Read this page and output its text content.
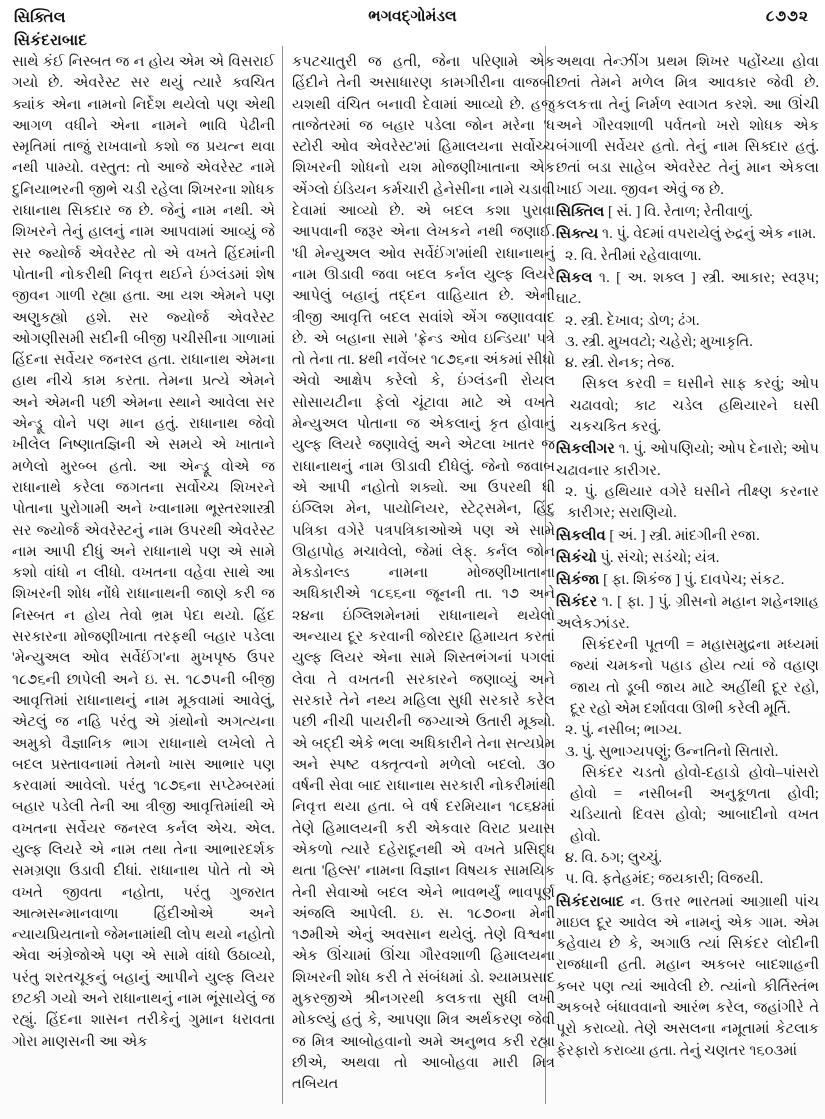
સિક્તિલ
સિકંદરાબાદ
ભગવદ્ગોમંડલ	૮૭૭૨

સાથે કંઈ નિસ્બત જ ન હોય એમ એ વિસરાઈ ગયો છે. એવરેસ્ટ સર થયું ત્યારે ક્વચિત ક્યાંક એના નામનો નિર્દેશ થયેલો પણ એથી આગળ વધીને એના નામને ભાવિ પેઢીની સ્મૃતિમાં તાજું રાખવાનો કશો જ પ્રયત્ન થવા નથી પામ્યો. વસ્તુત: તો આજે એવરેસ્ટ નામે દુનિયાભરની જીભે ચડી રહેલા શિખરના શોધક રાધાનાથ સિક્દાર જ છે. જેનું નામ નથી. એ શિખરને તેનું હાલનું નામ આપવામાં આવ્યું જે સર જ્યોર્જ એવરેસ્ટ તો એ વખતે હિંદમાંની પોતાની નોકરીથી નિવૃત્ત થઈને ઇંગ્લંડમાં શેષ જીવન ગાળી રહ્યા હતા. આ યશ એમને પણ અણુકહ્યો હશે. સર જ્યોર્જ એવરેસ્ટ ઓગણીસમી સદીની બીજી પચીસીના ગાળામાં હિંદના સર્વેયર જનરલ હતા. રાધાનાથ એમના હાથ નીચે કામ કરતા. તેમના પ્રત્યે એમને અને એમની પછી એમના સ્થાને આવેલા સર એન્ડ્રૂ વોને પણ માન હતું. રાધાનાથ જેવો ખીલેલ નિષ્ણાતજ્ઞિની એ સમયે એ ખાતાને મળેલો મુરબ્બ હતો. આ એન્ડ્રૂ વોએ જ રાધાનાથે કરેલા જગતના સર્વોચ્ચ શિખરને પોતાના પુરોગામી અને ખ્વાનામા ભૂસ્તરશાસ્ત્રી સર જ્યોર્જ એવરેસ્ટનું નામ ઉપરથી એવરેસ્ટ નામ આપી દીધું અને રાધાનાથે પણ એ સામે કશો વાંધો ન લીધો. વખતના વહેવા સાથે આ શિખરની શોધ નોંધે રાધાનાથની જાણે કરી જ નિસ્બત ન હોય તેવો ભ્રમ પેદા થયો. હિંદ સરકારના મોજણીખાતા તરફથી બહાર પડેલા 'મેન્યુઅલ ઓવ સર્વેઈંગ'ના મુખપૃષ્ઠ ઉપર ૧૮૭૬ની છાપેલી અને ઇ. સ. ૧૮૭૫ની બીજી આવૃત્તિમાં રાધાનાથનું નામ મૂકવામાં આવેલું, એટલું જ નહિ પરંતુ એ ગ્રંથોનો અગત્યના અમુકો વૈજ્ઞાનિક ભાગ રાધાનાથે લખેલો તે બદલ પ્રસ્તાવનામાં તેમનો ખાસ આભાર પણ કરવામાં આવેલો. પરંતુ ૧૮૭૬ના સપ્ટેમ્બરમાં બહાર પડેલી તેની આ ત્રીજી આવૃત્તિમાંથી એ વખતના સર્વેયર જનરલ કર્નલ એચ. એલ. યુલ્ફ લિયરે એ નામ તથા તેના આભારદર્શક સમગ્રણા ઉડાવી દીધાં. રાધાનાથ પોતે તો એ વખતે જીવતા નહોતા, પરંતુ ગુજરાત આત્મસન્માનવાળા હિંદીઓએ અને ન્યાયપ્રિયતાનો જેમનામાંથી લોપ થયો નહોતો એવા અંગ્રેજોએ પણ એ સામે વાંધો ઉઠાવ્યો, પરંતુ શરતચૂકનું બહાનું આપીને યુલ્ફ લિયર છટકી ગયો અને રાધાનાથનું નામ ભૂંસાયેલું જ રહ્યું. હિંદના શાસન તરીકેનું ગુમાન ધરાવતા ગોરા માણસની આ એક

કપટચાતુરી જ હતી, જેના પરિણામે એક હિંદીને તેની અસાધારણ કામગીરીના વાજબી યશથી વંચિત બનાવી દેવામાં આવ્યો છે. હજુ તાજેતરમાં જ બહાર પડેલા જોન મરેના 'ધ સ્ટોરી ઓવ એવરેસ્ટ'માં હિમાલયના સર્વોચ્ચ શિખરની શોધનો યશ મોજણીખાતાના એક એંગ્લો ઇંડિયન કર્મચારી હેનેસીના નામે ચડાવી દેવામાં આવ્યો છે. એ બદલ કશા પુરાવા આપવાની જરૂર એના લેખકને નથી જણાઈ. 'ધી મેન્યુઅલ ઓવ સર્વેઈંગ'માંથી રાધાનાથનું નામ ઊડાવી જવા બદલ કર્નલ યુલ્ફ લિયરે આપેલું બહાનું તદ્દન વાહિયાત છે. એની ત્રીજી આવૃત્તિ બદલ સવાંશે એંગ જણાવવાદ છે. એ બહાના સામે 'ફ્રેન્ડ ઓવ ઇન્ડિયા' પત્રે તો તેના તા. ૪થી નવેંબર ૧૮૭૬ના અંકમાં સીધો એવો આક્ષેપ કરેલો કે, ઇંગ્લંડની રોયલ સોસાયટીના ફેલો ચૂંટાવા માટે એ વખતે મેન્યુઅલ પોતાના જ એકલાનું કૃત હોવાનું યુલ્ફ લિયરે જણાવેલું અને એટલા ખાતર જ રાધાનાથનું નામ ઊડાવી દીધેલું. જેનો જવાબ એ આપી નહોતો શક્યો. આ ઉપરથી ધી ઇંગ્લિશ મેન, પાયોનિયર, સ્ટેટ્સમેન, હિંદુ પત્રિકા વગેરે પત્રપત્રિકાઓએ પણ એ સામે ઊહાપોહ મચાવેલો, જેમાં લેફ્. કર્નલ જોન મેક્ડોનલ્ડ નામના મોજણીખાતાના અધિકારીએ ૧૮૬૬ના જૂનની તા. ૧૭ અને ૨૪ના ઇંગ્લિશમેનમાં રાધાનાથને થયેલો અન્યાય દૂર કરવાની જોરદાર હિમાયત કરતાં યુલ્ફ લિયર એના સામે શિસ્તભંગનાં પગલાં લેવા તે વખતની સરકારને જણાવ્યું અને સરકારે તેને નથ્ય મહિલા સુધી સરકારે કરેલ પછી નીચી પાયરીની જગ્યાએ ઉતારી મૂક્યો. એ બદ્દી એકે ભલા અધિકારીને તેના સત્યપ્રેમ અને સ્પષ્ટ વક્તૃત્વનો મળેલો બદલો. ૩૦ વર્ષની સેવા બાદ રાધાનાથ સરકારી નોકરીમાંથી નિવૃત્ત થયા હતા. બે વર્ષ દરમિયાન ૧૮૬૪માં તેણે હિમાલયની કરી એકવાર વિરાટ પ્રયાસ એકળો ત્યારે દહેરાદૂનથી એ વખતે પ્રસિદ્ધ થતા 'હિલ્સ' નામના વિજ્ઞાન વિષયક સામયિક તેની સેવાઓ બદલ એને ભાવભર્યું ભાવપૂર્ણ અંજલિ આપેલી. ઇ. સ. ૧૮૭૦ના મેની ૧૭મીએ એનું અવસાન થયેલું. તેણે વિશ્વના એક ઊંચામાં ઊંચા ગૌરવશાળી હિમાલયના શિખરની શોધ કરી તે સંબંધમાં ડો. શ્યામપ્રસાદ મુકરજીએ શ્રીનગરથી કલકત્તા સુધી લખી મોકલ્યું હતું કે, આપણા મિત્ર અર્થકરણ જેવી જ મિત્ર આબોહવાનો અમે અનુભવ કરી રહ્યા છીએ, અથવા તો આબોહવા મારી મિત્ર તબિયત

અથવા તેન્ઝીંગ પ્રથમ શિખર પહોંચ્યા હોવા છતાં તેમને મળેલ મિત્ર આવકાર જેવી છે. કલકત્તા તેનું નિર્મળ સ્વાગત કરશે. આ ઊંચી અને ગૌરવશાળી પર્વતનો ખરો શોધક એક બંગાળી સર્વેયર હતો. તેનું નામ સિક્દાર હતું. છતાં બડા સાહેબ એવરેસ્ટ તેનું માન એકલા ખાઈ ગયા. જીવન એવું જ છે.

સિક્તિલ [ સં. ] વિ. રેતાળ; રેતીવાળું.
સિક્ત્ય ૧. પું. વેદમાં વપરાયેલું રુદ્રનું એક નામ.
૨. વિ. રેતીમાં રહેવાવાળા.
સિકલ ૧. [ અ. શક્લ ] સ્ત્રી. આકાર; સ્વરૂપ; ઘાટ.
૨. સ્ત્રી. દેખાવ; ડોળ; ઢંગ.
૩. સ્ત્રી. મુખવટો; ચહેરો; મુખાકૃતિ.
૪. સ્ત્રી. રોનક; તેજ.
સિકલ કરવી = ઘસીને સાફ કરવું; ઓપ ચઢાવવો; કાટ ચડેલ હથિયારને ઘસી ચકચકિત કરવું.
સિકલીગર ૧. પું. ઓપણિયો; ઓપ દેનારો; ઓપ ચઢાવનાર કારીગર.
૨. પું. હથિયાર વગેરે ઘસીને તીક્ષ્ણ કરનાર કારીગર; સરાણિયો.
સિકલીવ [ અં. ] સ્ત્રી. માંદગીની રજા.
સિકંચો પું. સંચો; સડંચો; યંત્ર.
સિકંજા [ ફા. શિકંજ ] પું. દાવપેચ; સંકટ.
સિકંદર ૧. [ ફા. ] પું. ગ્રીસનો મહાન શહેનશાહ અલેકઝાંડર.
સિકંદરની પૂતળી = મહાસમુદ્રના મધ્યમાં જ્યાં ચમકનો પહાડ હોય ત્યાં જે વહાણ જાય તો ડૂબી જાય માટે અહીંથી દૂર રહો, દૂર રહો એમ દર્શાવવા ઊભી કરેલી મૂર્તિ.
૨. પું. નસીબ; ભાગ્ય.
૩. પું. સુભાગ્યપણું; ઉન્નતિનો સિતારો.
સિકંદર ચડતો હોવો-દહાડો હોવો–પાંસરો હોવો = નસીબની અનુકૂળતા હોવી; ચડિયાતો દિવસ હોવો; આબાદીનો વખત હોવો.
૪. વિ. ઠગ; લુચ્ચું.
૫. વિ. ફતેહમંદ; જયકારી; વિજયી.
સિકંદરાબાદ ન. ઉત્તર ભારતમાં આગ્રાથી પાંચ માઇલ દૂર આવેલ એ નામનું એક ગામ. એમ કહેવાય છે કે, અગાઉ ત્યાં સિકંદર લોદીની રાજધાની હતી. મહાન અકબર બાદશાહની કબર પણ ત્યાં આવેલી છે. ત્યાંનો કીર્તિસ્તંભ અકબરે બંધાવવાનો આરંભ કરેલ, જહાંગીરે તે પૂરો કરાવ્યો. તેણે અસલના નમૂતામાં કેટલાક ફેરફારો કરાવ્યા હતા. તેનું ચણતર ૧૬૦૩માં
